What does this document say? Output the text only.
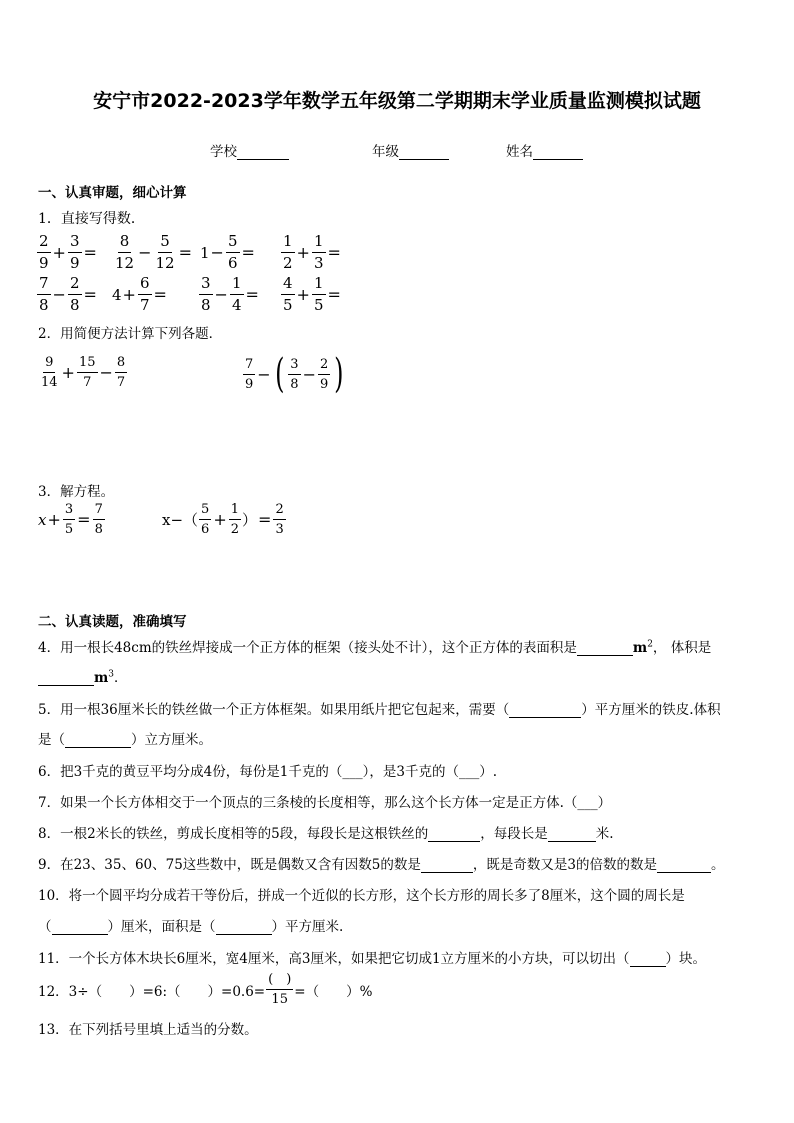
安宁市2022-2023学年数学五年级第二学期期末学业质量监测模拟试题
学校	年级	姓名
一、认真审题，细心计算
1．直接写得数．
$\frac{2}{9} + \frac{3}{9} = \frac{8}{12} - \frac{5}{12} = 1 - \frac{5}{6} = \frac{1}{2} + \frac{1}{3}$ =
$\frac{7}{8} - \frac{2}{8} = 4 + \frac{6}{7} = \frac{3}{8} - \frac{1}{4} = \frac{4}{5} + \frac{1}{5}$ =
2．用简便方法计算下列各题．
$\frac{9}{14} + \frac{15}{7} - \frac{8}{7}$	$\frac{7}{9}$ − ( $\frac{3}{8} - \frac{2}{9}$ )
3．解方程。
$x + \frac{3}{5} = \frac{7}{8}$	x −（ $\frac{5}{6} + \frac{1}{2}$ ） = $\frac{2}{3}$
二、认真读题，准确填写
4．用一根长48cm的铁丝焊接成一个正方体的框架（接头处不计），这个正方体的表面积是	$m^2$， 体积是
$m^3$．
5．用一根36厘米长的铁丝做一个正方体框架。如果用纸片把它包起来，需要（	）平方厘米的铁皮.体积
是（	）立方厘米。
6．把3千克的黄豆平均分成4份，每份是1千克的（___），是3千克的（___）.
7．如果一个长方体相交于一个顶点的三条棱的长度相等，那么这个长方体一定是正方体.（___）
8．一根2米长的铁丝，剪成长度相等的5段，每段长是这根铁丝的	，每段长是	米.
9．在23、35、60、75这些数中，既是偶数又含有因数5的数是	，既是奇数又是3的倍数的数是	。
10．将一个圆平均分成若干等份后，拼成一个近似的长方形，这个长方形的周长多了8厘米，这个圆的周长是
（	）厘米，面积是（	）平方厘米.
11．一个长方体木块长6厘米，宽4厘米，高3厘米，如果把它切成1立方厘米的小方块，可以切出（	）块。
12．3÷（　　）=6:（　　）$=0.6= \frac{( )}{15}$ =（　　）%
13．在下列括号里填上适当的分数。
